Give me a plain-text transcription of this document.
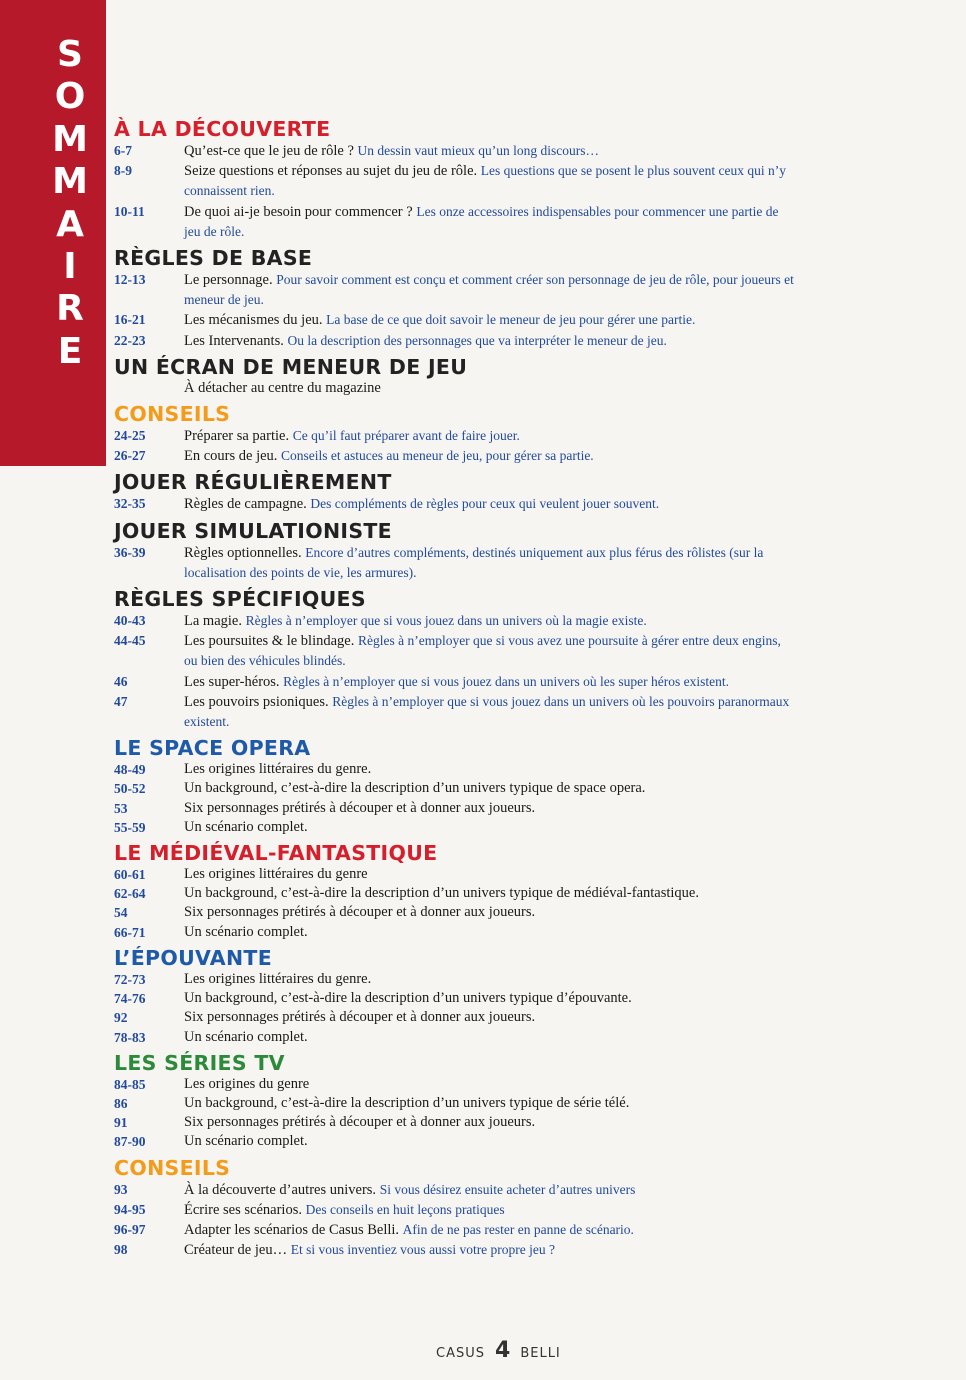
S
O
M
M
A
I
R
E
À LA DÉCOUVERTE
6-7	Qu’est-ce que le jeu de rôle ? Un dessin vaut mieux qu’un long discours…
8-9	Seize questions et réponses au sujet du jeu de rôle. Les questions que se posent le plus souvent ceux qui n’y connaissent rien.
10-11	De quoi ai-je besoin pour commencer ? Les onze accessoires indispensables pour commencer une partie de jeu de rôle.
RÈGLES DE BASE
12-13	Le personnage. Pour savoir comment est conçu et comment créer son personnage de jeu de rôle, pour joueurs et meneur de jeu.
16-21	Les mécanismes du jeu. La base de ce que doit savoir le meneur de jeu pour gérer une partie.
22-23	Les Intervenants. Ou la description des personnages que va interpréter le meneur de jeu.
UN ÉCRAN DE MENEUR DE JEU
À détacher au centre du magazine
CONSEILS
24-25	Préparer sa partie. Ce qu’il faut préparer avant de faire jouer.
26-27	En cours de jeu. Conseils et astuces au meneur de jeu, pour gérer sa partie.
JOUER RÉGULIÈREMENT
32-35	Règles de campagne. Des compléments de règles pour ceux qui veulent jouer souvent.
JOUER SIMULATIONISTE
36-39	Règles optionnelles. Encore d’autres compléments, destinés uniquement aux plus férus des rôlistes (sur la localisation des points de vie, les armures).
RÈGLES SPÉCIFIQUES
40-43	La magie. Règles à n’employer que si vous jouez dans un univers où la magie existe.
44-45	Les poursuites & le blindage. Règles à n’employer que si vous avez une poursuite à gérer entre deux engins, ou bien des véhicules blindés.
46	Les super-héros. Règles à n’employer que si vous jouez dans un univers où les super héros existent.
47	Les pouvoirs psioniques. Règles à n’employer que si vous jouez dans un univers où les pouvoirs paranormaux existent.
LE SPACE OPERA
48-49	Les origines littéraires du genre.
50-52	Un background, c’est-à-dire la description d’un univers typique de space opera.
53	Six personnages prétirés à découper et à donner aux joueurs.
55-59	Un scénario complet.
LE MÉDIÉVAL-FANTASTIQUE
60-61	Les origines littéraires du genre
62-64	Un background, c’est-à-dire la description d’un univers typique de médiéval-fantastique.
54	Six personnages prétirés à découper et à donner aux joueurs.
66-71	Un scénario complet.
L’ÉPOUVANTE
72-73	Les origines littéraires du genre.
74-76	Un background, c’est-à-dire la description d’un univers typique d’épouvante.
92	Six personnages prétirés à découper et à donner aux joueurs.
78-83	Un scénario complet.
LES SÉRIES TV
84-85	Les origines du genre
86	Un background, c’est-à-dire la description d’un univers typique de série télé.
91	Six personnages prétirés à découper et à donner aux joueurs.
87-90	Un scénario complet.
CONSEILS
93	À la découverte d’autres univers. Si vous désirez ensuite acheter d’autres univers
94-95	Écrire ses scénarios. Des conseils en huit leçons pratiques
96-97	Adapter les scénarios de Casus Belli. Afin de ne pas rester en panne de scénario.
98	Créateur de jeu… Et si vous inventiez vous aussi votre propre jeu ?
CASUS 4 BELLI
